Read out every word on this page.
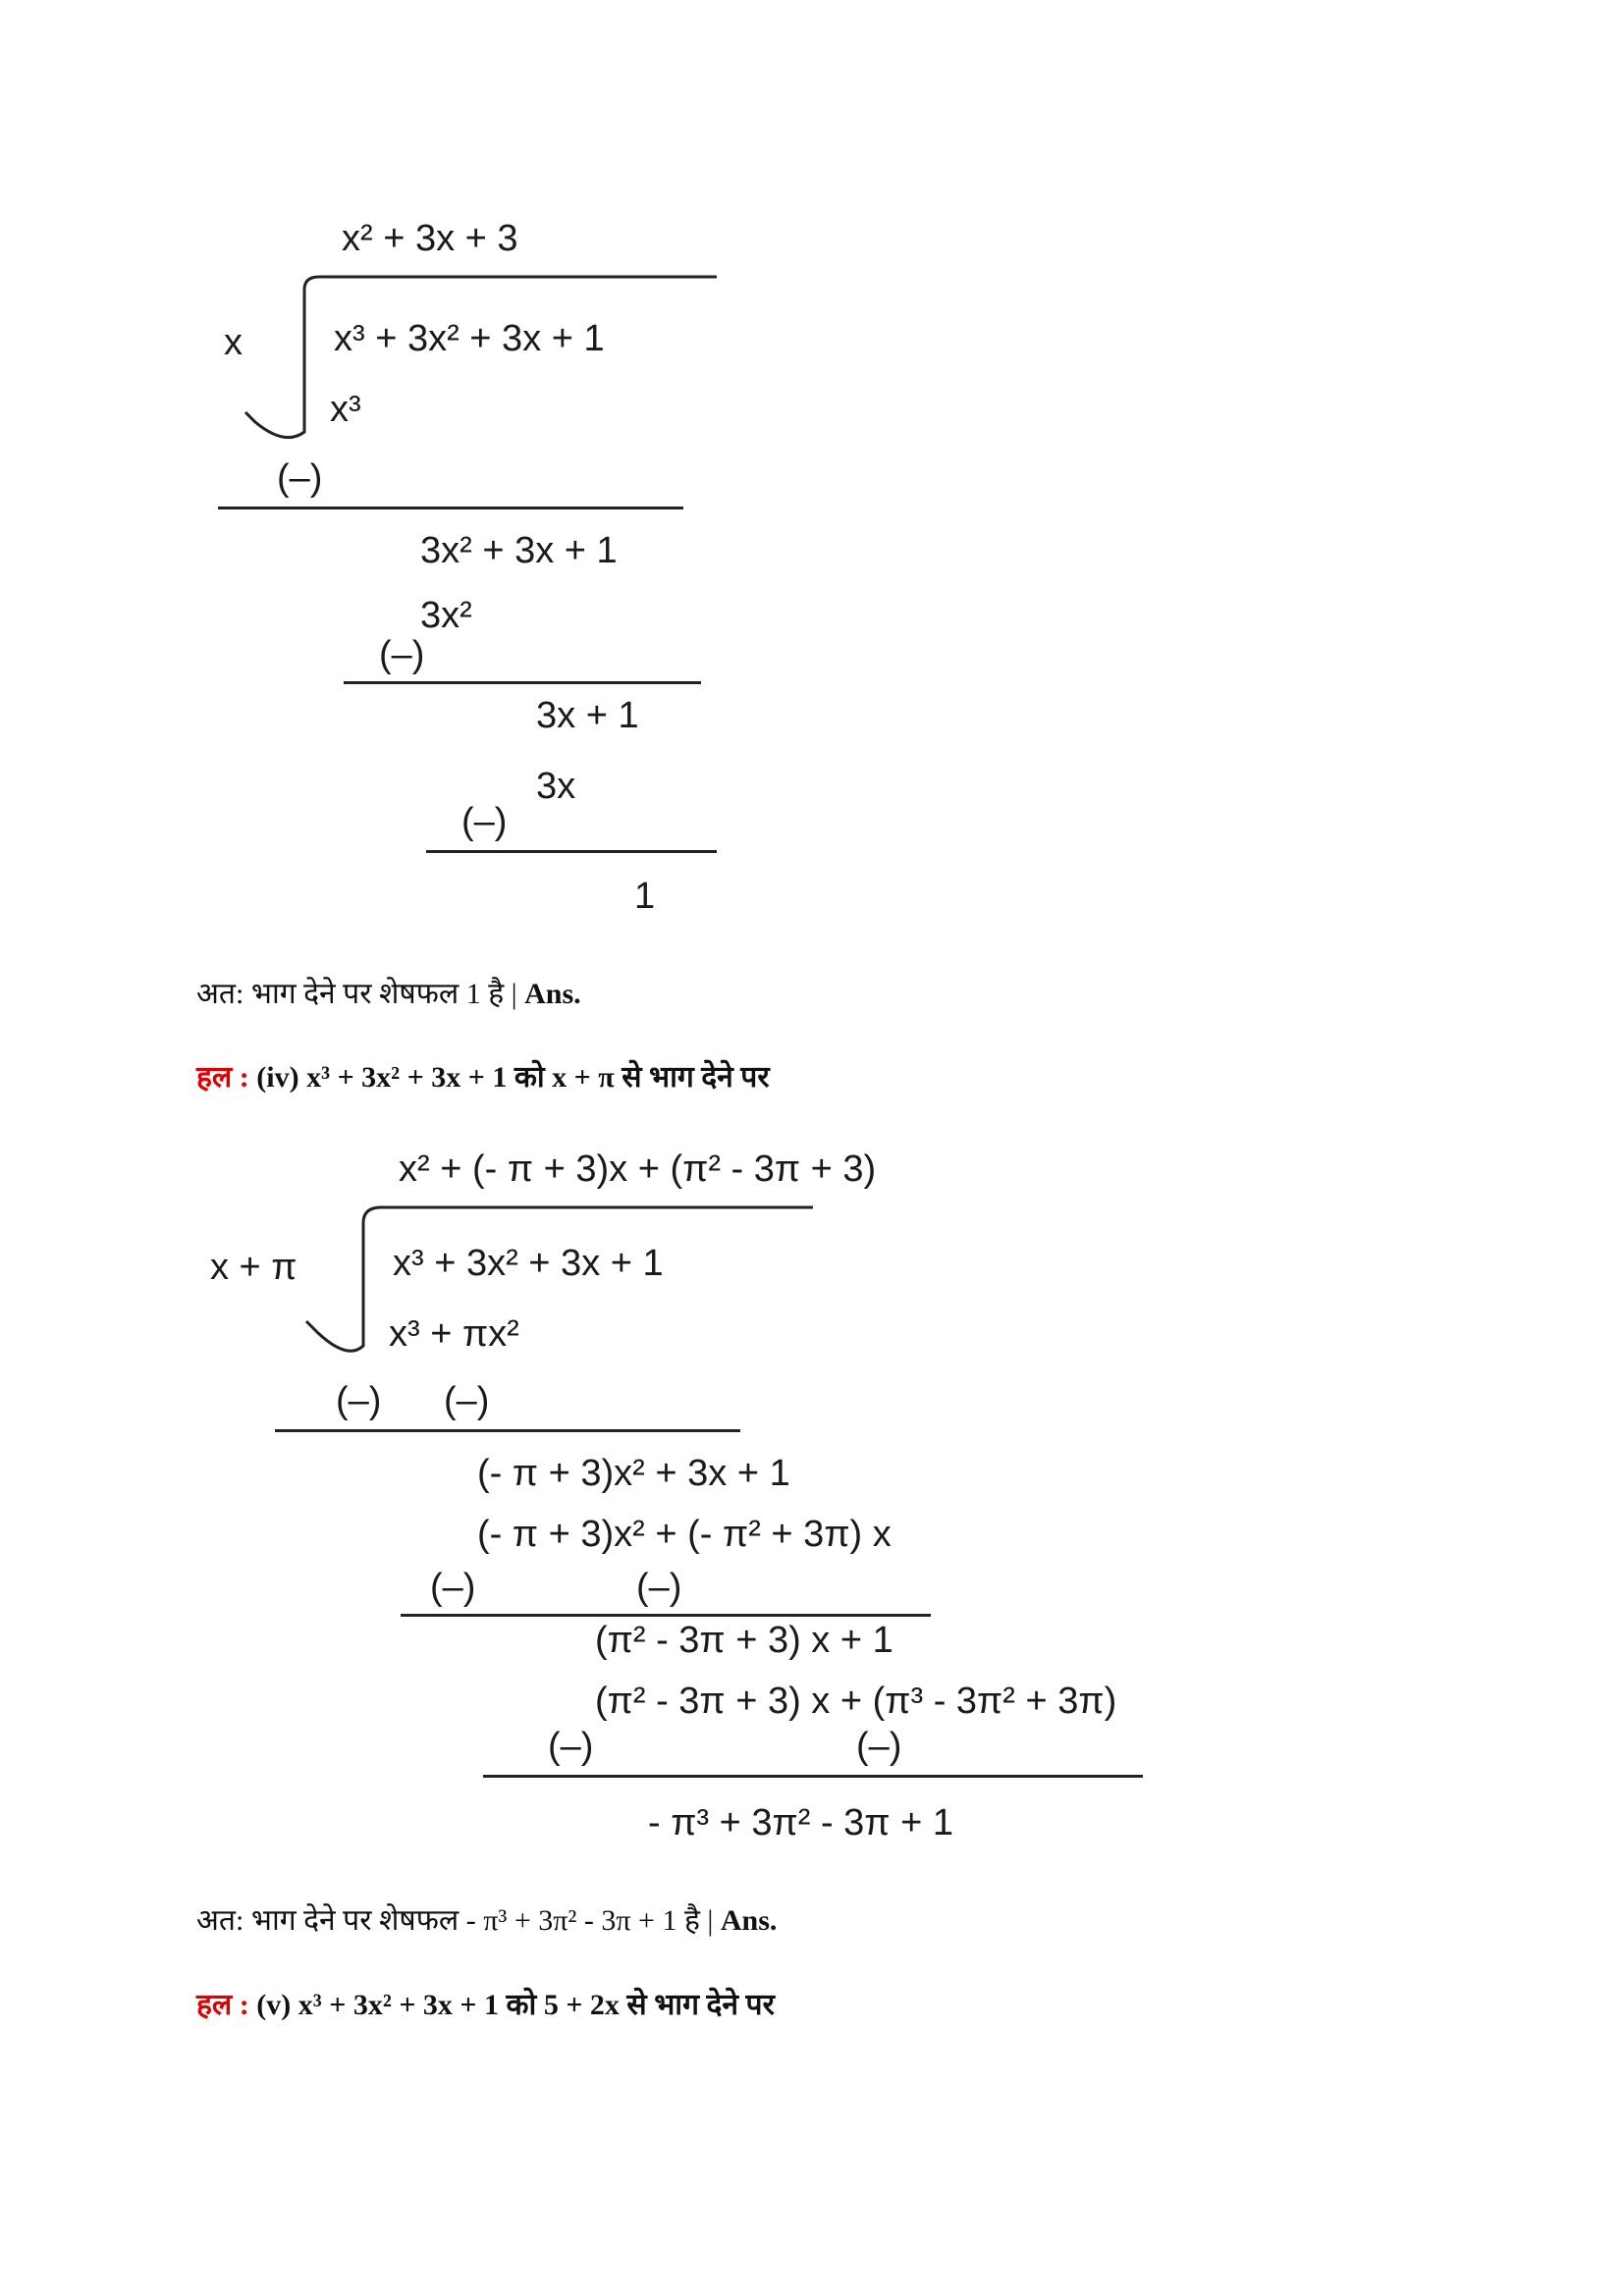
x² + 3x + 3
x x³ + 3x² + 3x + 1
x³
(–)
3x² + 3x + 1
3x²
(–)
3x + 1
3x
(–)
1
अत: भाग देने पर शेषफल 1 है | Ans.
हल : (iv) x³ + 3x² + 3x + 1 को x + π से भाग देने पर
x² + (- π + 3)x + (π² - 3π + 3)
x + π	x³ + 3x² + 3x + 1
x³ + πx²
(–) (–)
(- π + 3)x² + 3x + 1
(- π + 3)x² + (- π² + 3π) x
(–)	(–)
(π² - 3π + 3) x + 1
(π² - 3π + 3) x + (π³ - 3π² + 3π)
(–)	(–)
- π³ + 3π² - 3π + 1
अत: भाग देने पर शेषफल - π³ + 3π² - 3π + 1 है | Ans.
हल : (v) x³ + 3x² + 3x + 1 को 5 + 2x से भाग देने पर
